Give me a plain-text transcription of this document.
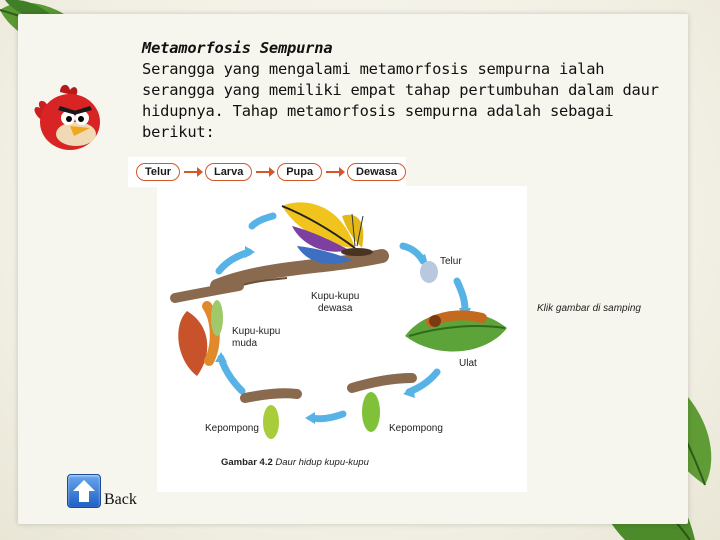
Metamorfosis Sempurna
Serangga yang mengalami metamorfosis sempurna ialah serangga yang memiliki empat tahap pertumbuhan dalam daur hidupnya. Tahap metamorfosis sempurna adalah sebagai berikut:
Telur	Larva	Pupa	Dewasa
Telur
Ulat
Kepompong
Kepompong
Kupu-kupu
muda
Kupu-kupu
dewasa
Gambar 4.2 Daur hidup kupu-kupu
Klik gambar di samping
Back
